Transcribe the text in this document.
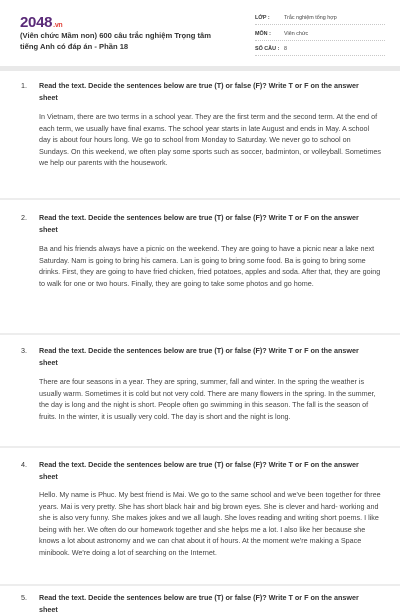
2048.vn
(Viên chức Mầm non) 600 câu trắc nghiệm Trọng tâm tiếng Anh có đáp án - Phần 18
LỚP :	Trắc nghiệm tổng hợp
MÔN : Viên chức
SỐ CÂU : 8
1. Read the text. Decide the sentences below are true (T) or false (F)? Write T or F on the answer sheet
In Vietnam, there are two terms in a school year. They are the first term and the second term. At the end of each term, we usually have final exams. The school year starts in late August and ends in May. A school day is about four hours long. We go to school from Monday to Saturday. We never go to school on Sundays. On this weekend, we often play some sports such as soccer, badminton, or volleyball. Sometimes we help our parents with the housework.
2. Read the text. Decide the sentences below are true (T) or false (F)? Write T or F on the answer sheet
Ba and his friends always have a picnic on the weekend. They are going to have a picnic near a lake next Saturday. Nam is going to bring his camera. Lan is going to bring some food. Ba is going to bring some drinks. First, they are going to have fried chicken, fried potatoes, apples and soda. After that, they are going to walk for one or two hours. Finally, they are going to take some photos and go home.
3. Read the text. Decide the sentences below are true (T) or false (F)? Write T or F on the answer sheet
There are four seasons in a year. They are spring, summer, fall and winter. In the spring the weather is usually warm. Sometimes it is cold but not very cold. There are many flowers in the spring. In the summer, the day is long and the night is short. People often go swimming in this season. The fall is the season of fruits. In the winter, it is usually very cold. The day is short and the night is long.
4. Read the text. Decide the sentences below are true (T) or false (F)? Write T or F on the answer sheet
Hello. My name is Phuc. My best friend is Mai. We go to the same school and we've been together for three years. Mai is very pretty. She has short black hair and big brown eyes. She is clever and hard- working and she is also very funny. She makes jokes and we all laugh. She loves reading and writing short poems. I like being with her. We often do our homework together and she helps me a lot. I also like her because she knows a lot about astronomy and we can chat about it of hours. At the moment we're making a Space minibook. We're doing a lot of searching on the Internet.
5. Read the text. Decide the sentences below are true (T) or false (F)? Write T or F on the answer sheet
